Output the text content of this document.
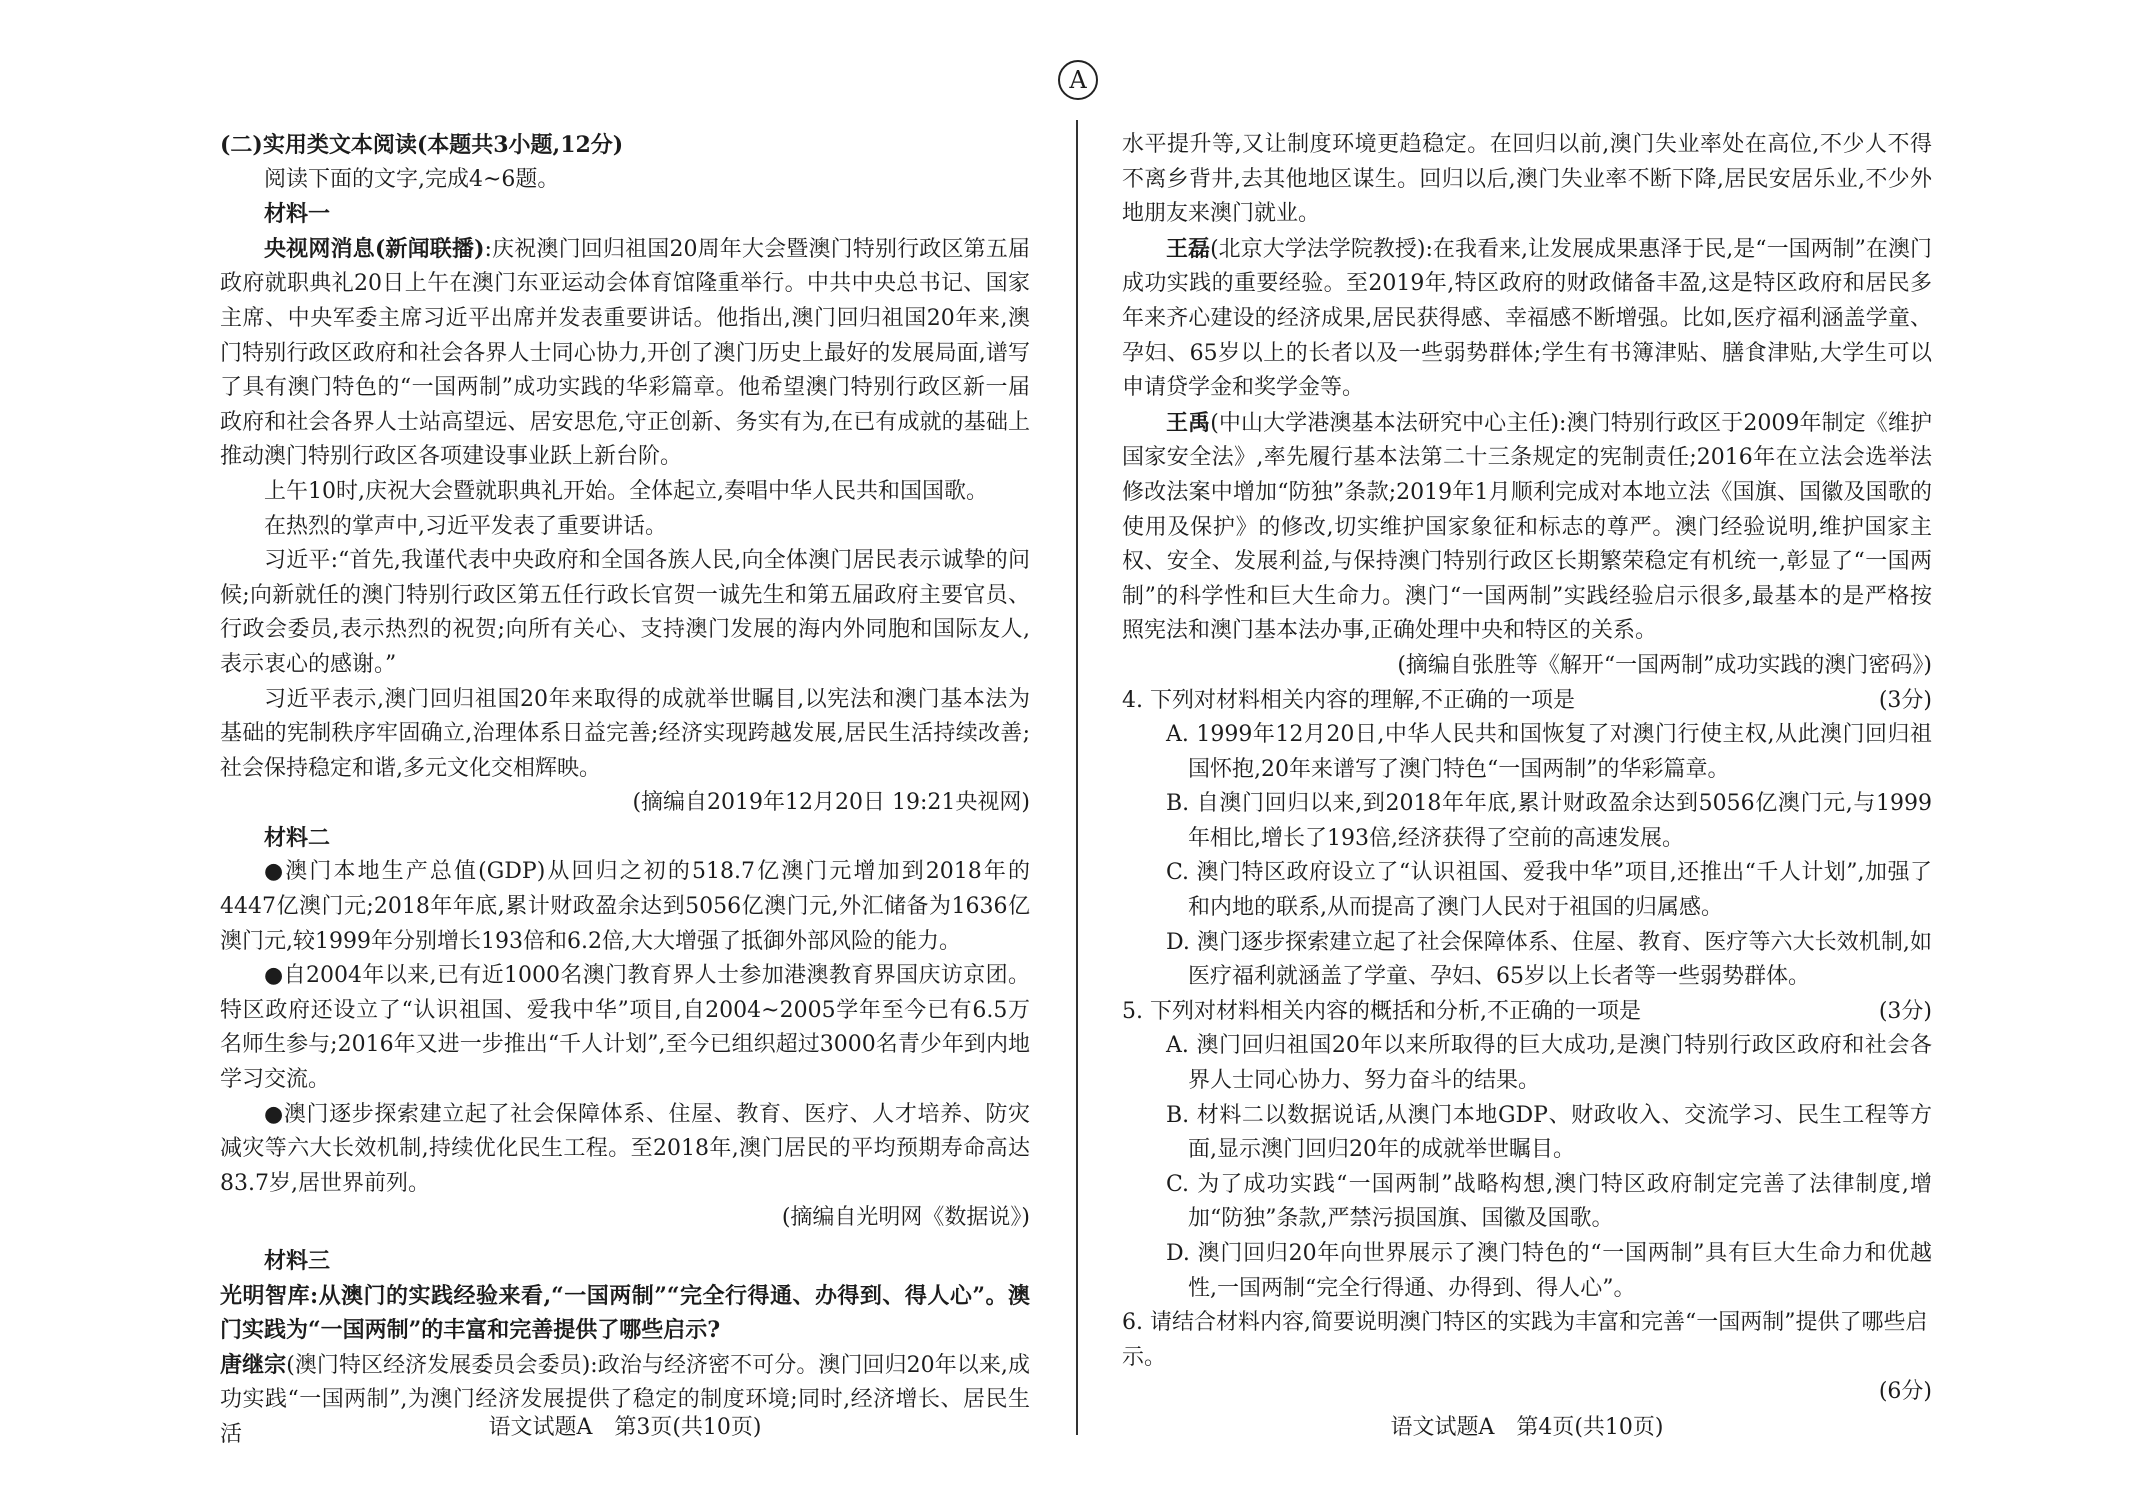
A

(二)实用类文本阅读(本题共3小题,12分)

阅读下面的文字,完成4~6题。

材料一

央视网消息(新闻联播):庆祝澳门回归祖国20周年大会暨澳门特别行政区第五届政府就职典礼20日上午在澳门东亚运动会体育馆隆重举行。中共中央总书记、国家主席、中央军委主席习近平出席并发表重要讲话。他指出,澳门回归祖国20年来,澳门特别行政区政府和社会各界人士同心协力,开创了澳门历史上最好的发展局面,谱写了具有澳门特色的“一国两制”成功实践的华彩篇章。他希望澳门特别行政区新一届政府和社会各界人士站高望远、居安思危,守正创新、务实有为,在已有成就的基础上推动澳门特别行政区各项建设事业跃上新台阶。

上午10时,庆祝大会暨就职典礼开始。全体起立,奏唱中华人民共和国国歌。

在热烈的掌声中,习近平发表了重要讲话。

习近平:“首先,我谨代表中央政府和全国各族人民,向全体澳门居民表示诚挚的问候;向新就任的澳门特别行政区第五任行政长官贺一诚先生和第五届政府主要官员、行政会委员,表示热烈的祝贺;向所有关心、支持澳门发展的海内外同胞和国际友人,表示衷心的感谢。”

习近平表示,澳门回归祖国20年来取得的成就举世瞩目,以宪法和澳门基本法为基础的宪制秩序牢固确立,治理体系日益完善;经济实现跨越发展,居民生活持续改善;社会保持稳定和谐,多元文化交相辉映。

(摘编自2019年12月20日 19:21央视网)

材料二

●澳门本地生产总值(GDP)从回归之初的518.7亿澳门元增加到2018年的4447亿澳门元;2018年年底,累计财政盈余达到5056亿澳门元,外汇储备为1636亿澳门元,较1999年分别增长193倍和6.2倍,大大增强了抵御外部风险的能力。

●自2004年以来,已有近1000名澳门教育界人士参加港澳教育界国庆访京团。特区政府还设立了“认识祖国、爱我中华”项目,自2004~2005学年至今已有6.5万名师生参与;2016年又进一步推出“千人计划”,至今已组织超过3000名青少年到内地学习交流。

●澳门逐步探索建立起了社会保障体系、住屋、教育、医疗、人才培养、防灾减灾等六大长效机制,持续优化民生工程。至2018年,澳门居民的平均预期寿命高达83.7岁,居世界前列。

(摘编自光明网《数据说》)

材料三

光明智库:从澳门的实践经验来看,“一国两制”“完全行得通、办得到、得人心”。澳门实践为“一国两制”的丰富和完善提供了哪些启示?

唐继宗(澳门特区经济发展委员会委员):政治与经济密不可分。澳门回归20年以来,成功实践“一国两制”,为澳门经济发展提供了稳定的制度环境;同时,经济增长、居民生活

水平提升等,又让制度环境更趋稳定。在回归以前,澳门失业率处在高位,不少人不得不离乡背井,去其他地区谋生。回归以后,澳门失业率不断下降,居民安居乐业,不少外地朋友来澳门就业。

王磊(北京大学法学院教授):在我看来,让发展成果惠泽于民,是“一国两制”在澳门成功实践的重要经验。至2019年,特区政府的财政储备丰盈,这是特区政府和居民多年来齐心建设的经济成果,居民获得感、幸福感不断增强。比如,医疗福利涵盖学童、孕妇、65岁以上的长者以及一些弱势群体;学生有书簿津贴、膳食津贴,大学生可以申请贷学金和奖学金等。

王禹(中山大学港澳基本法研究中心主任):澳门特别行政区于2009年制定《维护国家安全法》,率先履行基本法第二十三条规定的宪制责任;2016年在立法会选举法修改法案中增加“防独”条款;2019年1月顺利完成对本地立法《国旗、国徽及国歌的使用及保护》的修改,切实维护国家象征和标志的尊严。澳门经验说明,维护国家主权、安全、发展利益,与保持澳门特别行政区长期繁荣稳定有机统一,彰显了“一国两制”的科学性和巨大生命力。澳门“一国两制”实践经验启示很多,最基本的是严格按照宪法和澳门基本法办事,正确处理中央和特区的关系。

(摘编自张胜等《解开“一国两制”成功实践的澳门密码》)

4. 下列对材料相关内容的理解,不正确的一项是	(3分)

A. 1999年12月20日,中华人民共和国恢复了对澳门行使主权,从此澳门回归祖国怀抱,20年来谱写了澳门特色“一国两制”的华彩篇章。

B. 自澳门回归以来,到2018年年底,累计财政盈余达到5056亿澳门元,与1999年相比,增长了193倍,经济获得了空前的高速发展。

C. 澳门特区政府设立了“认识祖国、爱我中华”项目,还推出“千人计划”,加强了和内地的联系,从而提高了澳门人民对于祖国的归属感。

D. 澳门逐步探索建立起了社会保障体系、住屋、教育、医疗等六大长效机制,如医疗福利就涵盖了学童、孕妇、65岁以上长者等一些弱势群体。

5. 下列对材料相关内容的概括和分析,不正确的一项是	(3分)

A. 澳门回归祖国20年以来所取得的巨大成功,是澳门特别行政区政府和社会各界人士同心协力、努力奋斗的结果。

B. 材料二以数据说话,从澳门本地GDP、财政收入、交流学习、民生工程等方面,显示澳门回归20年的成就举世瞩目。

C. 为了成功实践“一国两制”战略构想,澳门特区政府制定完善了法律制度,增加“防独”条款,严禁污损国旗、国徽及国歌。

D. 澳门回归20年向世界展示了澳门特色的“一国两制”具有巨大生命力和优越性,一国两制“完全行得通、办得到、得人心”。

6. 请结合材料内容,简要说明澳门特区的实践为丰富和完善“一国两制”提供了哪些启示。

(6分)

语文试题A　第3页(共10页)	语文试题A　第4页(共10页)
